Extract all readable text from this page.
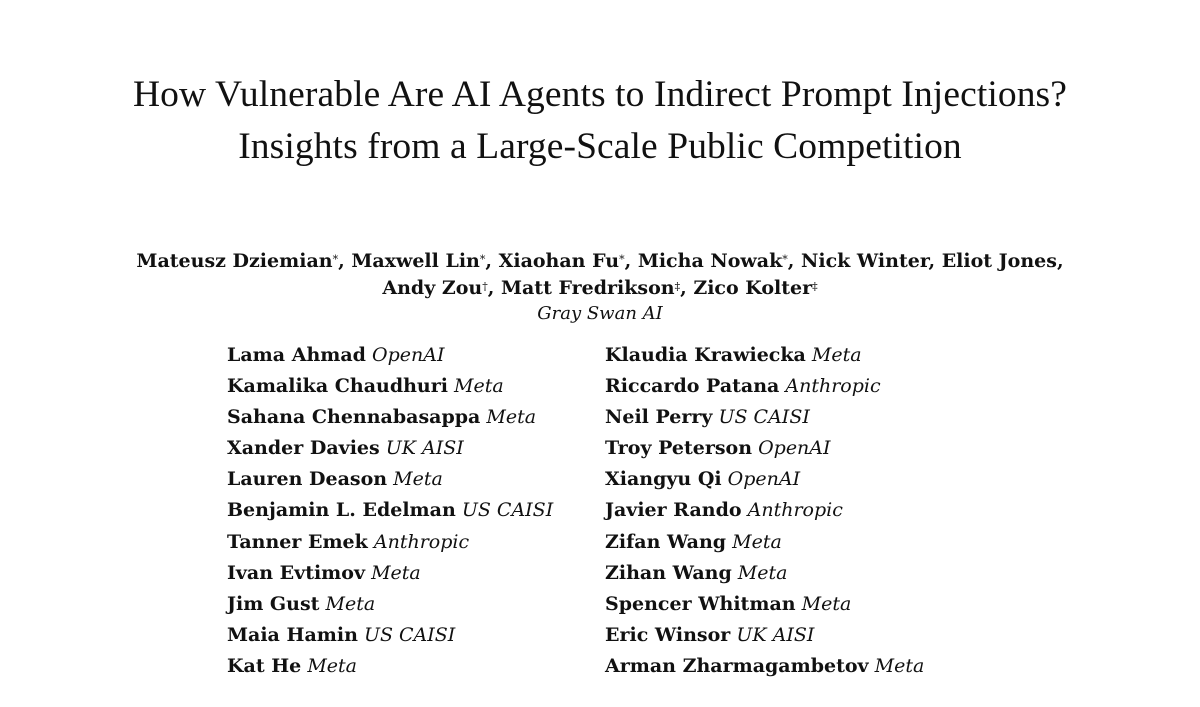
How Vulnerable Are AI Agents to Indirect Prompt Injections?
Insights from a Large-Scale Public Competition
Mateusz Dziemian*, Maxwell Lin*, Xiaohan Fu*, Micha Nowak*, Nick Winter, Eliot Jones,
Andy Zou†, Matt Fredrikson‡, Zico Kolter‡
Gray Swan AI
Lama Ahmad OpenAI
Kamalika Chaudhuri Meta
Sahana Chennabasappa Meta
Xander Davies UK AISI
Lauren Deason Meta
Benjamin L. Edelman US CAISI
Tanner Emek Anthropic
Ivan Evtimov Meta
Jim Gust Meta
Maia Hamin US CAISI
Kat He Meta
Klaudia Krawiecka Meta
Riccardo Patana Anthropic
Neil Perry US CAISI
Troy Peterson OpenAI
Xiangyu Qi OpenAI
Javier Rando Anthropic
Zifan Wang Meta
Zihan Wang Meta
Spencer Whitman Meta
Eric Winsor UK AISI
Arman Zharmagambetov Meta
